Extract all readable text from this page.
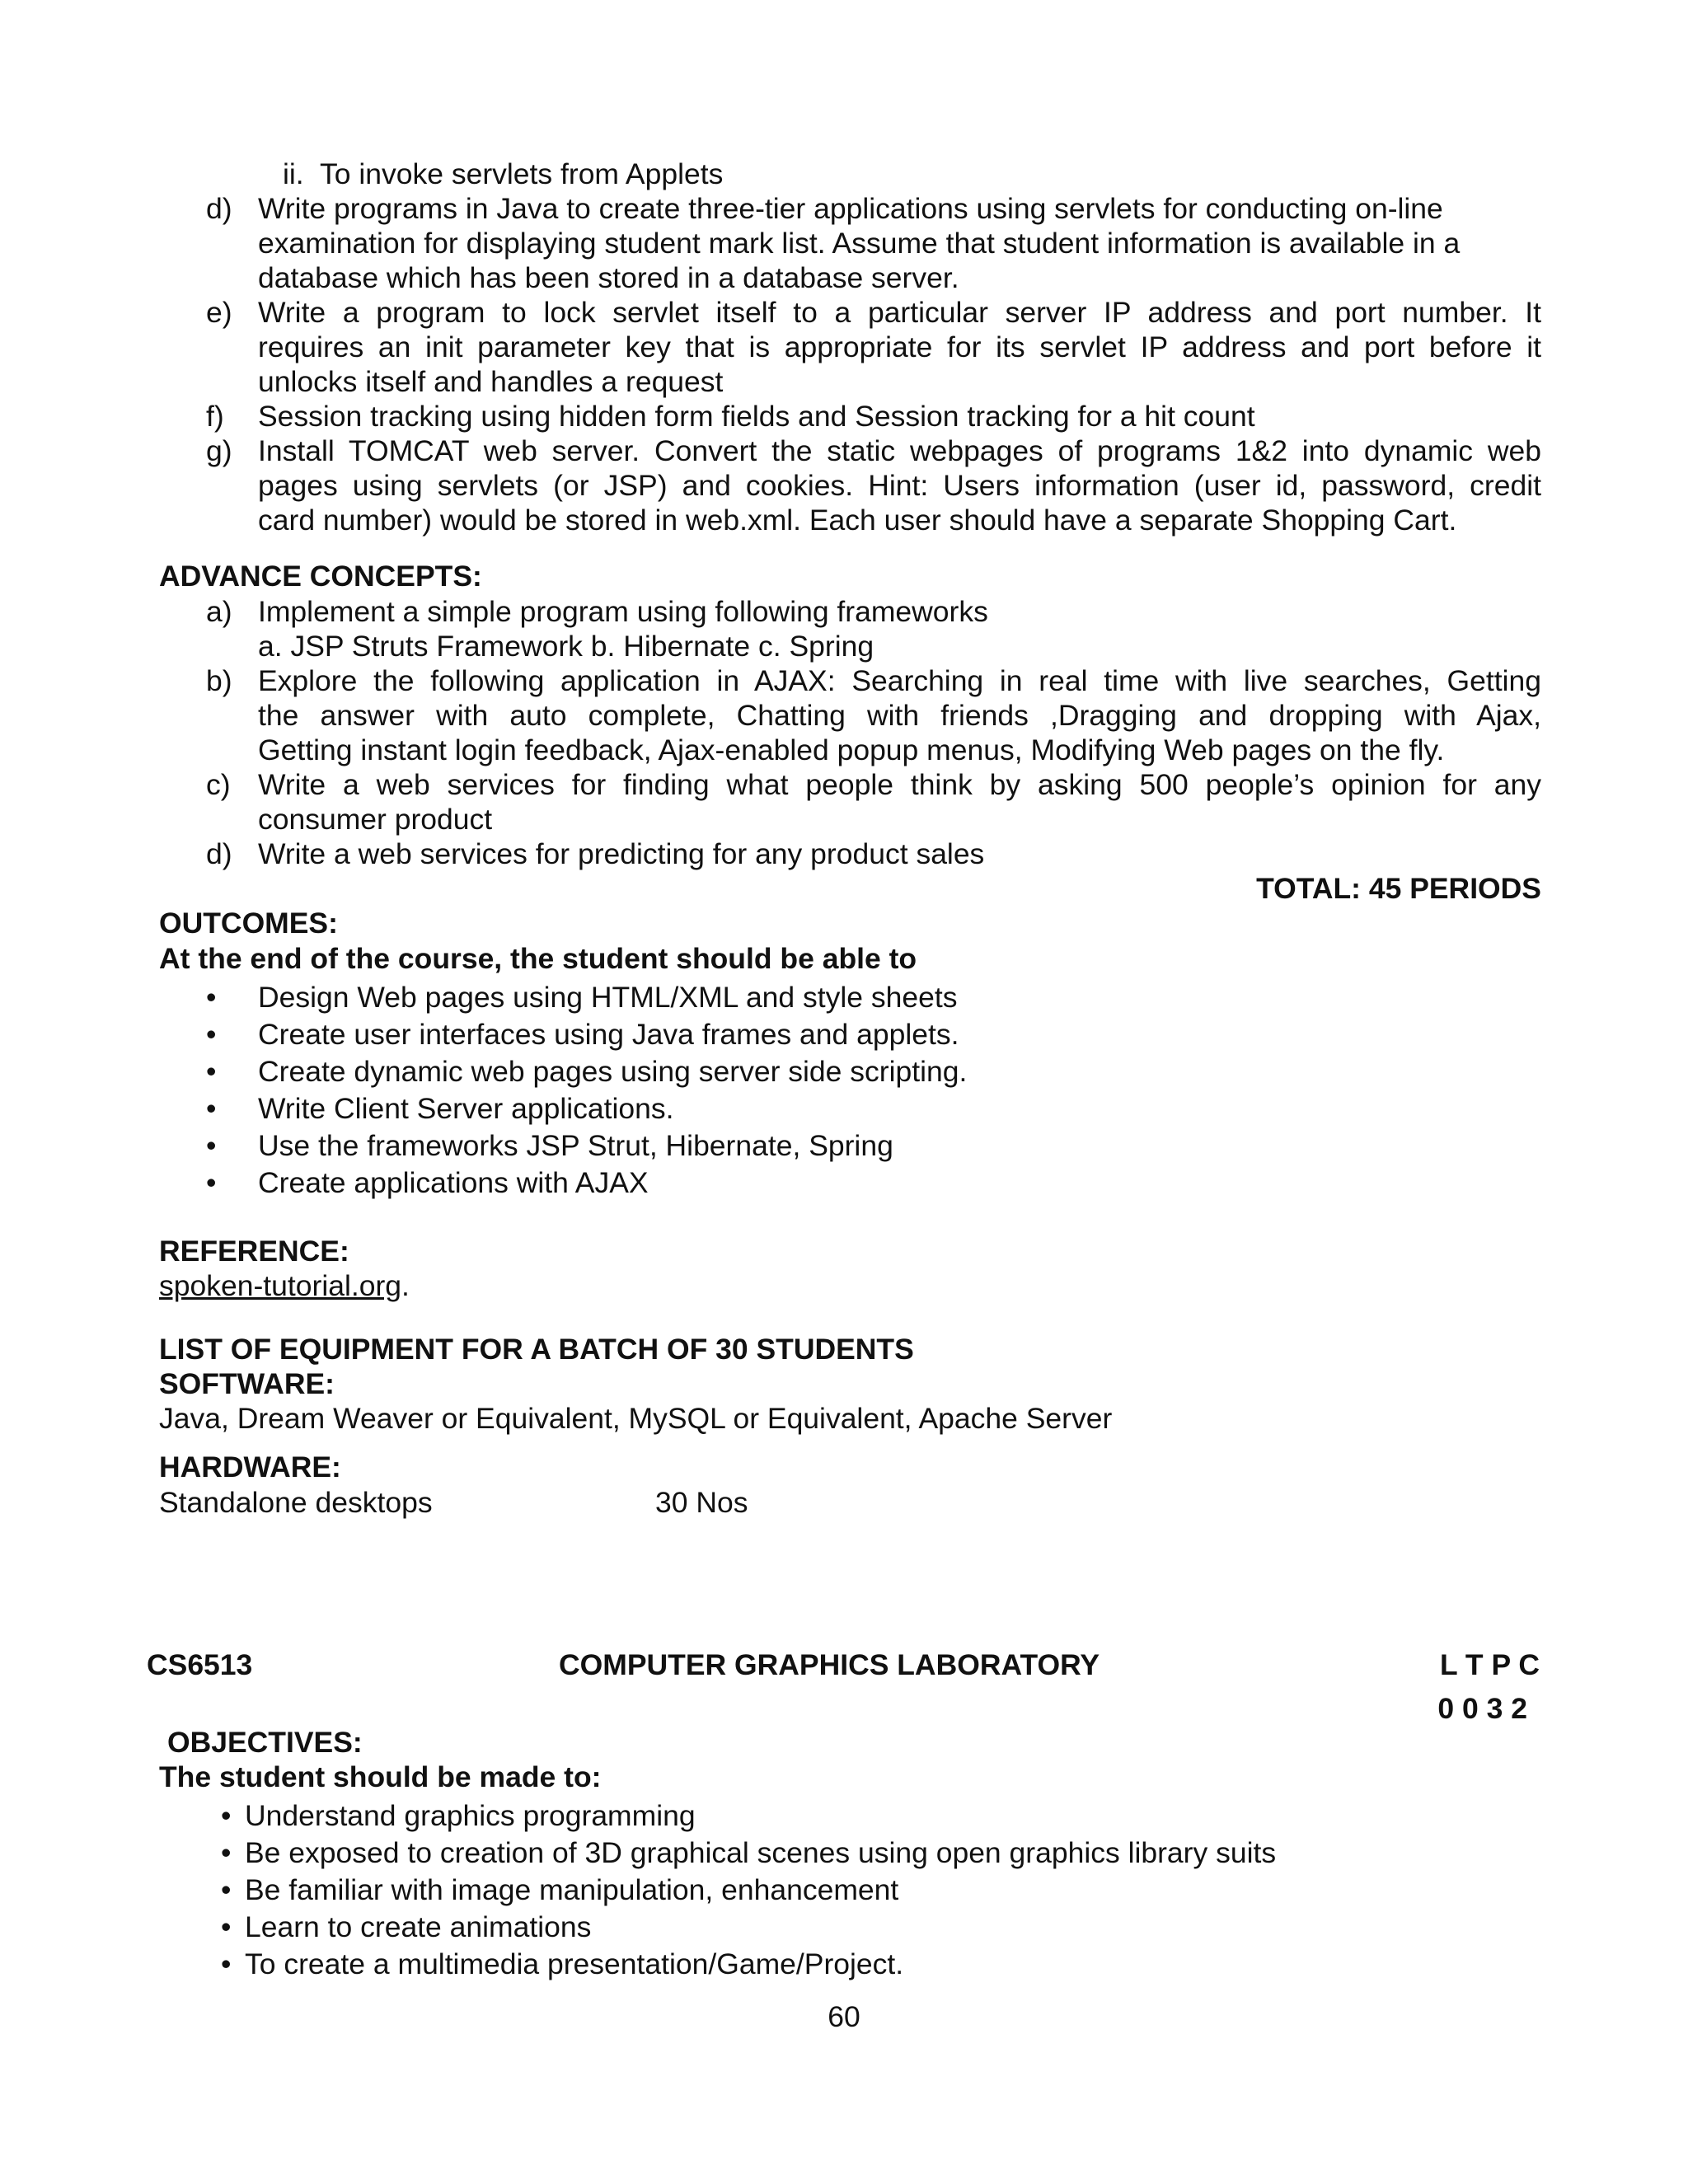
ii. To invoke servlets from Applets
d) Write programs in Java to create three-tier applications using servlets for conducting on-line
examination for displaying student mark list. Assume that student information is available in a
database which has been stored in a database server.
e) Write a program to lock servlet itself to a particular server IP address and port number. It
requires an init parameter key that is appropriate for its servlet IP address and port before it
unlocks itself and handles a request
f) Session tracking using hidden form fields and Session tracking for a hit count
g) Install TOMCAT web server. Convert the static webpages of programs 1&2 into dynamic web
pages using servlets (or JSP) and cookies. Hint: Users information (user id, password, credit
card number) would be stored in web.xml. Each user should have a separate Shopping Cart.
ADVANCE CONCEPTS:
a) Implement a simple program using following frameworks
a. JSP Struts Framework b. Hibernate c. Spring
b) Explore the following application in AJAX: Searching in real time with live searches, Getting
the answer with auto complete, Chatting with friends ,Dragging and dropping with Ajax,
Getting instant login feedback, Ajax-enabled popup menus, Modifying Web pages on the fly.
c) Write a web services for finding what people think by asking 500 people’s opinion for any
consumer product
d) Write a web services for predicting for any product sales
TOTAL: 45 PERIODS
OUTCOMES:
At the end of the course, the student should be able to
• Design Web pages using HTML/XML and style sheets
• Create user interfaces using Java frames and applets.
• Create dynamic web pages using server side scripting.
• Write Client Server applications.
• Use the frameworks JSP Strut, Hibernate, Spring
• Create applications with AJAX
REFERENCE:
spoken-tutorial.org.
LIST OF EQUIPMENT FOR A BATCH OF 30 STUDENTS
SOFTWARE:
Java, Dream Weaver or Equivalent, MySQL or Equivalent, Apache Server
HARDWARE:
Standalone desktops	30 Nos
CS6513	COMPUTER GRAPHICS LABORATORY	L T P C
0 0 3 2
OBJECTIVES:
The student should be made to:
• Understand graphics programming
• Be exposed to creation of 3D graphical scenes using open graphics library suits
• Be familiar with image manipulation, enhancement
• Learn to create animations
• To create a multimedia presentation/Game/Project.
60
